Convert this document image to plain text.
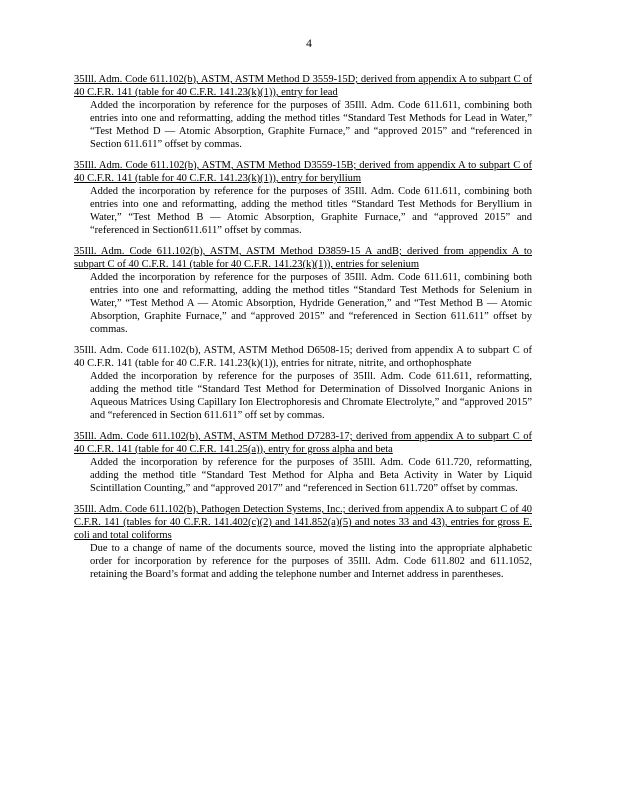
4
35Ill. Adm. Code 611.102(b), ASTM, ASTM Method D 3559-15D; derived from appendix A to subpart C of 40 C.F.R. 141 (table for 40 C.F.R. 141.23(k)(1)), entry for lead
Added the incorporation by reference for the purposes of 35Ill. Adm. Code 611.611, combining both entries into one and reformatting, adding the method titles “Standard Test Methods for Lead in Water,” “Test Method D — Atomic Absorption, Graphite Furnace,” and “approved 2015” and “referenced in Section 611.611” offset by commas.
35Ill. Adm. Code 611.102(b), ASTM, ASTM Method D3559-15B; derived from appendix A to subpart C of 40 C.F.R. 141 (table for 40 C.F.R. 141.23(k)(1)), entry for beryllium
Added the incorporation by reference for the purposes of 35Ill. Adm. Code 611.611, combining both entries into one and reformatting, adding the method titles “Standard Test Methods for Beryllium in Water,” “Test Method B — Atomic Absorption, Graphite Furnace,” and “approved 2015” and “referenced in Section611.611” offset by commas.
35Ill. Adm. Code 611.102(b), ASTM, ASTM Method D3859-15 A andB; derived from appendix A to subpart C of 40 C.F.R. 141 (table for 40 C.F.R. 141.23(k)(1)), entries for selenium
Added the incorporation by reference for the purposes of 35Ill. Adm. Code 611.611, combining both entries into one and reformatting, adding the method titles “Standard Test Methods for Selenium in Water,” “Test Method A — Atomic Absorption, Hydride Generation,” and “Test Method B — Atomic Absorption, Graphite Furnace,” and “approved 2015” and “referenced in Section 611.611” offset by commas.
35Ill. Adm. Code 611.102(b), ASTM, ASTM Method D6508-15; derived from appendix A to subpart C of 40 C.F.R. 141 (table for 40 C.F.R. 141.23(k)(1)), entries for nitrate, nitrite, and orthophosphate
Added the incorporation by reference for the purposes of 35Ill. Adm. Code 611.611, reformatting, adding the method title “Standard Test Method for Determination of Dissolved Inorganic Anions in Aqueous Matrices Using Capillary Ion Electrophoresis and Chromate Electrolyte,” and “approved 2015” and “referenced in Section 611.611” off set by commas.
35Ill. Adm. Code 611.102(b), ASTM, ASTM Method D7283-17; derived from appendix A to subpart C of 40 C.F.R. 141 (table for 40 C.F.R. 141.25(a)), entry for gross alpha and beta
Added the incorporation by reference for the purposes of 35Ill. Adm. Code 611.720, reformatting, adding the method title “Standard Test Method for Alpha and Beta Activity in Water by Liquid Scintillation Counting,” and “approved 2017” and “referenced in Section 611.720” offset by commas.
35Ill. Adm. Code 611.102(b), Pathogen Detection Systems, Inc.; derived from appendix A to subpart C of 40 C.F.R. 141 (tables for 40 C.F.R. 141.402(c)(2) and 141.852(a)(5) and notes 33 and 43), entries for gross E. coli and total coliforms
Due to a change of name of the documents source, moved the listing into the appropriate alphabetic order for incorporation by reference for the purposes of 35Ill. Adm. Code 611.802 and 611.1052, retaining the Board’s format and adding the telephone number and Internet address in parentheses.
